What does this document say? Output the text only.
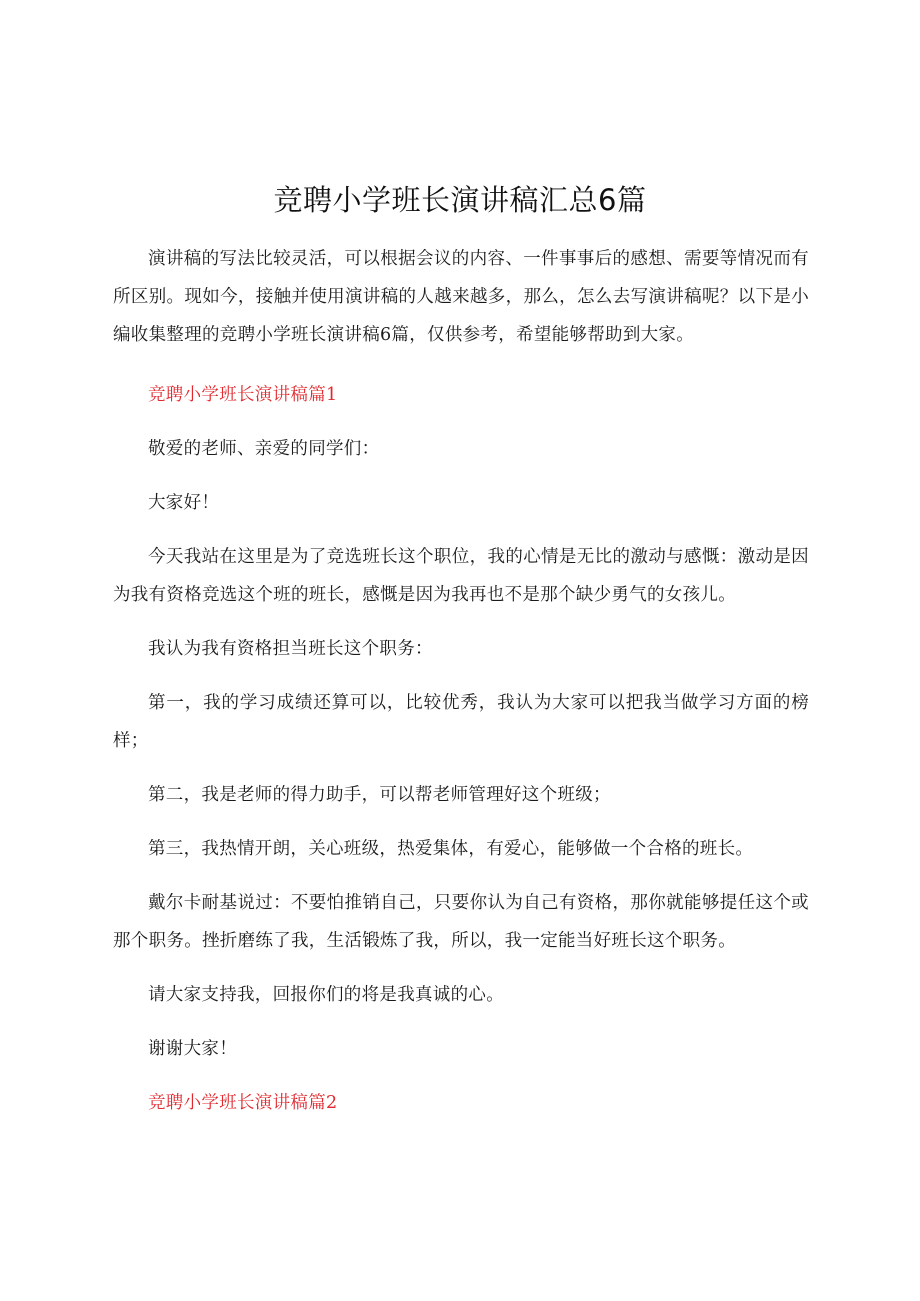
竞聘小学班长演讲稿汇总6篇

演讲稿的写法比较灵活，可以根据会议的内容、一件事事后的感想、需要等情况而有所区别。现如今，接触并使用演讲稿的人越来越多，那么，怎么去写演讲稿呢？以下是小编收集整理的竞聘小学班长演讲稿6篇，仅供参考，希望能够帮助到大家。

竞聘小学班长演讲稿篇1

敬爱的老师、亲爱的同学们：

大家好！

今天我站在这里是为了竞选班长这个职位，我的心情是无比的激动与感慨：激动是因为我有资格竞选这个班的班长，感慨是因为我再也不是那个缺少勇气的女孩儿。

我认为我有资格担当班长这个职务：

第一，我的学习成绩还算可以，比较优秀，我认为大家可以把我当做学习方面的榜样；

第二，我是老师的得力助手，可以帮老师管理好这个班级；

第三，我热情开朗，关心班级，热爱集体，有爱心，能够做一个合格的班长。

戴尔卡耐基说过：不要怕推销自己，只要你认为自己有资格，那你就能够提任这个或那个职务。挫折磨练了我，生活锻炼了我，所以，我一定能当好班长这个职务。

请大家支持我，回报你们的将是我真诚的心。

谢谢大家！

竞聘小学班长演讲稿篇2
